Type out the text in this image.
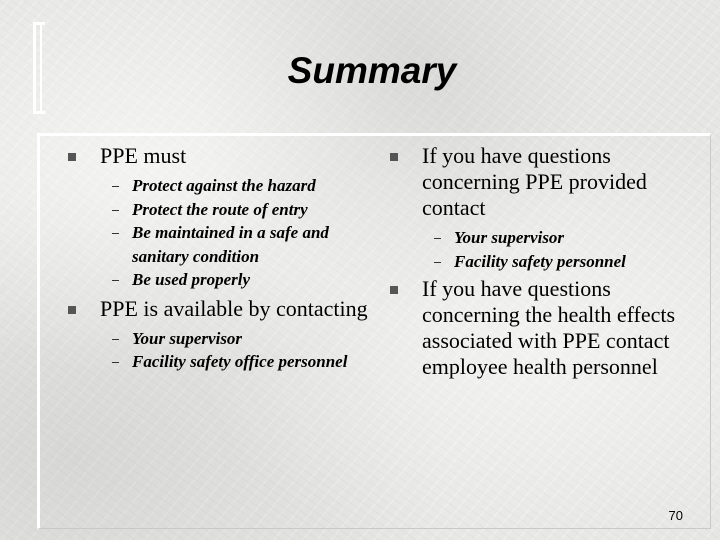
Summary
PPE must
Protect against the hazard
Protect the route of entry
Be maintained in a safe and sanitary condition
Be used properly
PPE is available by contacting
Your supervisor
Facility safety office personnel
If you have questions concerning PPE provided contact
Your supervisor
Facility safety personnel
If you have questions concerning the health effects associated with PPE contact employee health personnel
70
